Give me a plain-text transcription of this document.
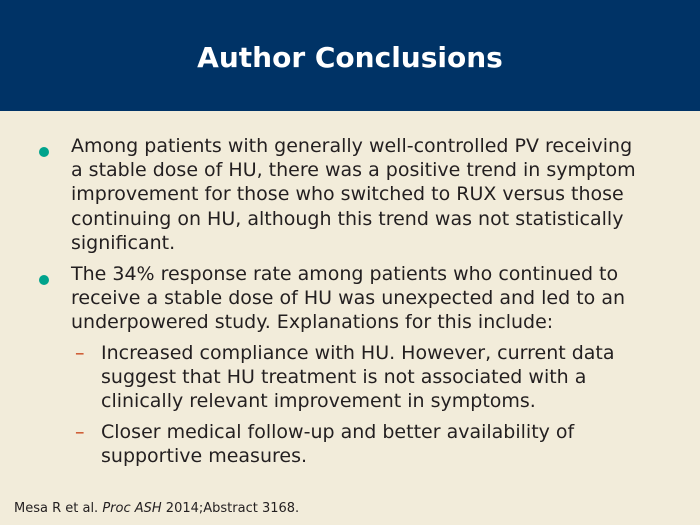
Author Conclusions
Among patients with generally well-controlled PV receiving
a stable dose of HU, there was a positive trend in symptom
improvement for those who switched to RUX versus those
continuing on HU, although this trend was not statistically
significant.
The 34% response rate among patients who continued to
receive a stable dose of HU was unexpected and led to an
underpowered study. Explanations for this include:
– Increased compliance with HU. However, current data
suggest that HU treatment is not associated with a
clinically relevant improvement in symptoms.
– Closer medical follow-up and better availability of
supportive measures.
Mesa R et al. Proc ASH 2014;Abstract 3168.
